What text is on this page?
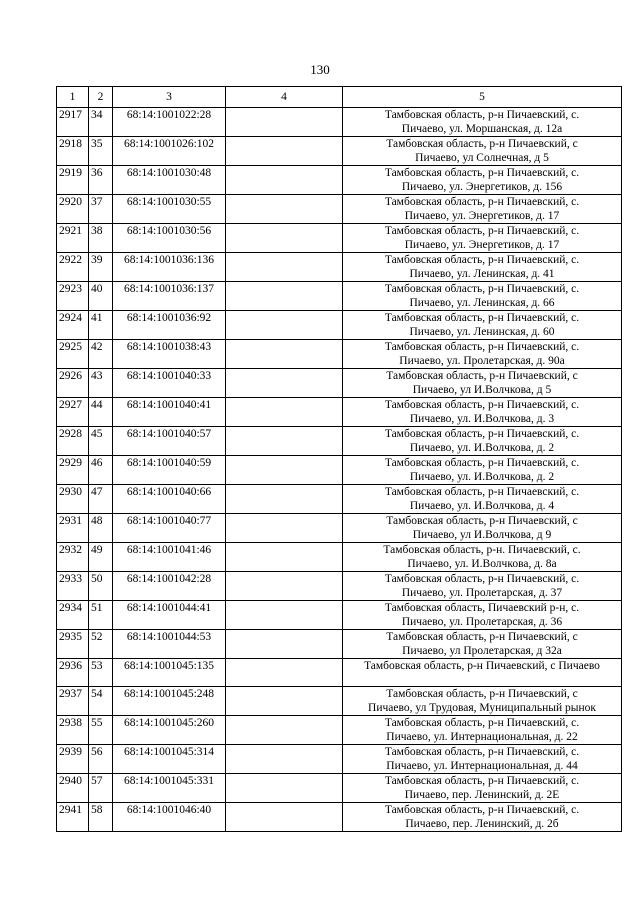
130
1	2	3	4	5
2917	34	68:14:1001022:28		Тамбовская область, р-н Пичаевский, с.
Пичаево, ул. Моршанская, д. 12а
2918	35	68:14:1001026:102		Тамбовская область, р-н Пичаевский, с
Пичаево, ул Солнечная, д 5
2919	36	68:14:1001030:48		Тамбовская область, р-н Пичаевский, с.
Пичаево, ул. Энергетиков, д. 156
2920	37	68:14:1001030:55		Тамбовская область, р-н Пичаевский, с.
Пичаево, ул. Энергетиков, д. 17
2921	38	68:14:1001030:56		Тамбовская область, р-н Пичаевский, с.
Пичаево, ул. Энергетиков, д. 17
2922	39	68:14:1001036:136		Тамбовская область, р-н Пичаевский, с.
Пичаево, ул. Ленинская, д. 41
2923	40	68:14:1001036:137		Тамбовская область, р-н Пичаевский, с.
Пичаево, ул. Ленинская, д. 66
2924	41	68:14:1001036:92		Тамбовская область, р-н Пичаевский, с.
Пичаево, ул. Ленинская, д. 60
2925	42	68:14:1001038:43		Тамбовская область, р-н Пичаевский, с.
Пичаево, ул. Пролетарская, д. 90а
2926	43	68:14:1001040:33		Тамбовская область, р-н Пичаевский, с
Пичаево, ул И.Волчкова, д 5
2927	44	68:14:1001040:41		Тамбовская область, р-н Пичаевский, с.
Пичаево, ул. И.Волчкова, д. 3
2928	45	68:14:1001040:57		Тамбовская область, р-н Пичаевский, с.
Пичаево, ул. И.Волчкова, д. 2
2929	46	68:14:1001040:59		Тамбовская область, р-н Пичаевский, с.
Пичаево, ул. И.Волчкова, д. 2
2930	47	68:14:1001040:66		Тамбовская область, р-н Пичаевский, с.
Пичаево, ул. И.Волчкова, д. 4
2931	48	68:14:1001040:77		Тамбовская область, р-н Пичаевский, с
Пичаево, ул И.Волчкова, д 9
2932	49	68:14:1001041:46		Тамбовская область, р-н. Пичаевский, с.
Пичаево, ул. И.Волчкова, д. 8а
2933	50	68:14:1001042:28		Тамбовская область, р-н Пичаевский, с.
Пичаево, ул. Пролетарская, д. 37
2934	51	68:14:1001044:41		Тамбовская область, Пичаевский р-н, с.
Пичаево, ул. Пролетарская, д. 36
2935	52	68:14:1001044:53		Тамбовская область, р-н Пичаевский, с
Пичаево, ул Пролетарская, д 32а
2936	53	68:14:1001045:135		Тамбовская область, р-н Пичаевский, с Пичаево
2937	54	68:14:1001045:248		Тамбовская область, р-н Пичаевский, с
Пичаево, ул Трудовая, Муниципальный рынок
2938	55	68:14:1001045:260		Тамбовская область, р-н Пичаевский, с.
Пичаево, ул. Интернациональная, д. 22
2939	56	68:14:1001045:314		Тамбовская область, р-н Пичаевский, с.
Пичаево, ул. Интернациональная, д. 44
2940	57	68:14:1001045:331		Тамбовская область, р-н Пичаевский, с.
Пичаево, пер. Ленинский, д. 2Е
2941	58	68:14:1001046:40		Тамбовская область, р-н Пичаевский, с.
Пичаево, пер. Ленинский, д. 2б
